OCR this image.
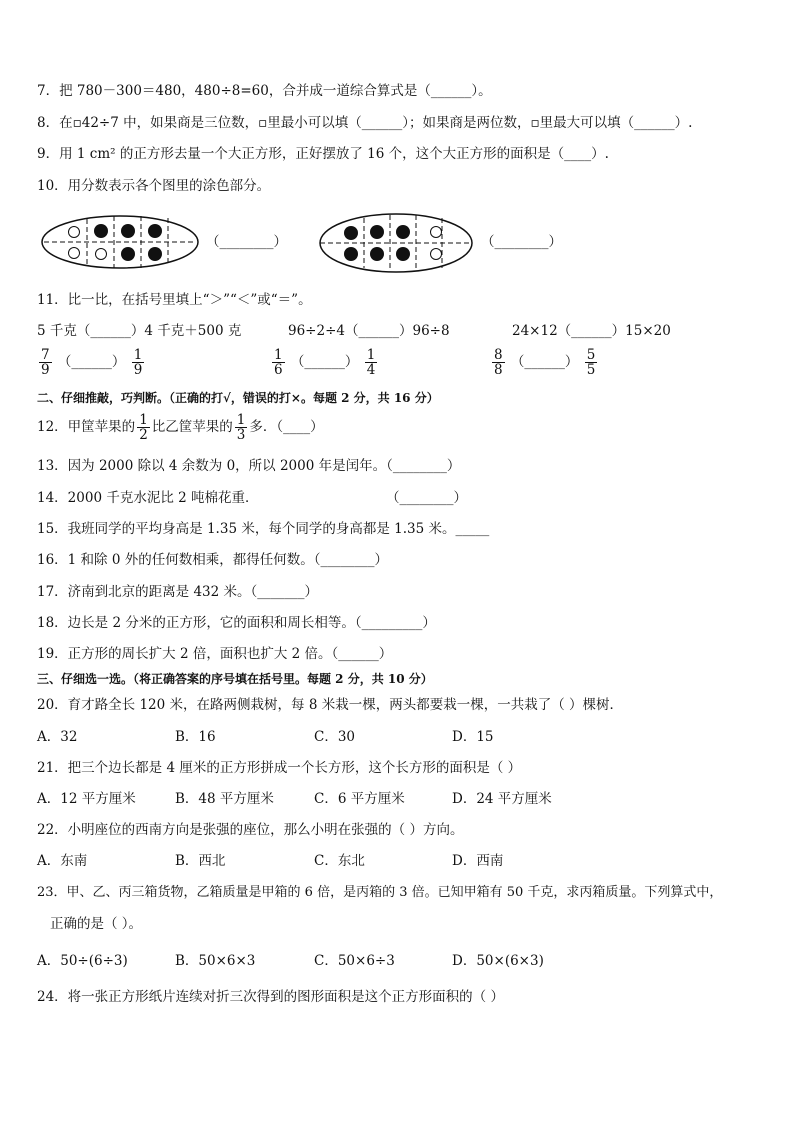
7．把 780－300＝480，480÷8=60，合并成一道综合算式是（______）。
8．在▫42÷7 中，如果商是三位数，▫里最小可以填（______）；如果商是两位数，▫里最大可以填（______）.
9．用 1 cm² 的正方形去量一个大正方形，正好摆放了 16 个，这个大正方形的面积是（____）.
10．用分数表示各个图里的涂色部分。
（________）	（________）
11．比一比，在括号里填上“＞”“＜”或“＝”。
5 千克（______）4 千克＋500 克	96÷2÷4（______）96÷8	24×12（______）15×20
$\frac{7}{9}$ （______） $\frac{1}{9}$	$\frac{1}{6}$ （______） $\frac{1}{4}$	$\frac{8}{8}$ （______） $\frac{5}{5}$
二、仔细推敲，巧判断。（正确的打√，错误的打×。每题 2 分，共 16 分）
12．甲筐苹果的 $\frac{1}{2}$ 比乙筐苹果的 $\frac{1}{3}$ 多．（____）
13．因为 2000 除以 4 余数为 0，所以 2000 年是闰年。（________）
14．2000 千克水泥比 2 吨棉花重．	（________）
15．我班同学的平均身高是 1.35 米，每个同学的身高都是 1.35 米。_____
16．1 和除 0 外的任何数相乘，都得任何数。（________）
17．济南到北京的距离是 432 米。（_______）
18．边长是 2 分米的正方形，它的面积和周长相等。（_________）
19．正方形的周长扩大 2 倍，面积也扩大 2 倍。（______）
三、仔细选一选。（将正确答案的序号填在括号里。每题 2 分，共 10 分）
20．育才路全长 120 米，在路两侧栽树，每 8 米栽一棵，两头都要栽一棵，一共栽了（ ）棵树．
A．32	B．16	C．30	D．15
21．把三个边长都是 4 厘米的正方形拼成一个长方形，这个长方形的面积是（ ）
A．12 平方厘米	B．48 平方厘米	C．6 平方厘米	D．24 平方厘米
22．小明座位的西南方向是张强的座位，那么小明在张强的（ ）方向。
A．东南	B．西北	C．东北	D．西南
23．甲、乙、丙三箱货物，乙箱质量是甲箱的 6 倍，是丙箱的 3 倍。已知甲箱有 50 千克，求丙箱质量。下列算式中，
正确的是（ ）。
A．50÷(6÷3)	B．50×6×3	C．50×6÷3	D．50×(6×3)
24．将一张正方形纸片连续对折三次得到的图形面积是这个正方形面积的（ ）
